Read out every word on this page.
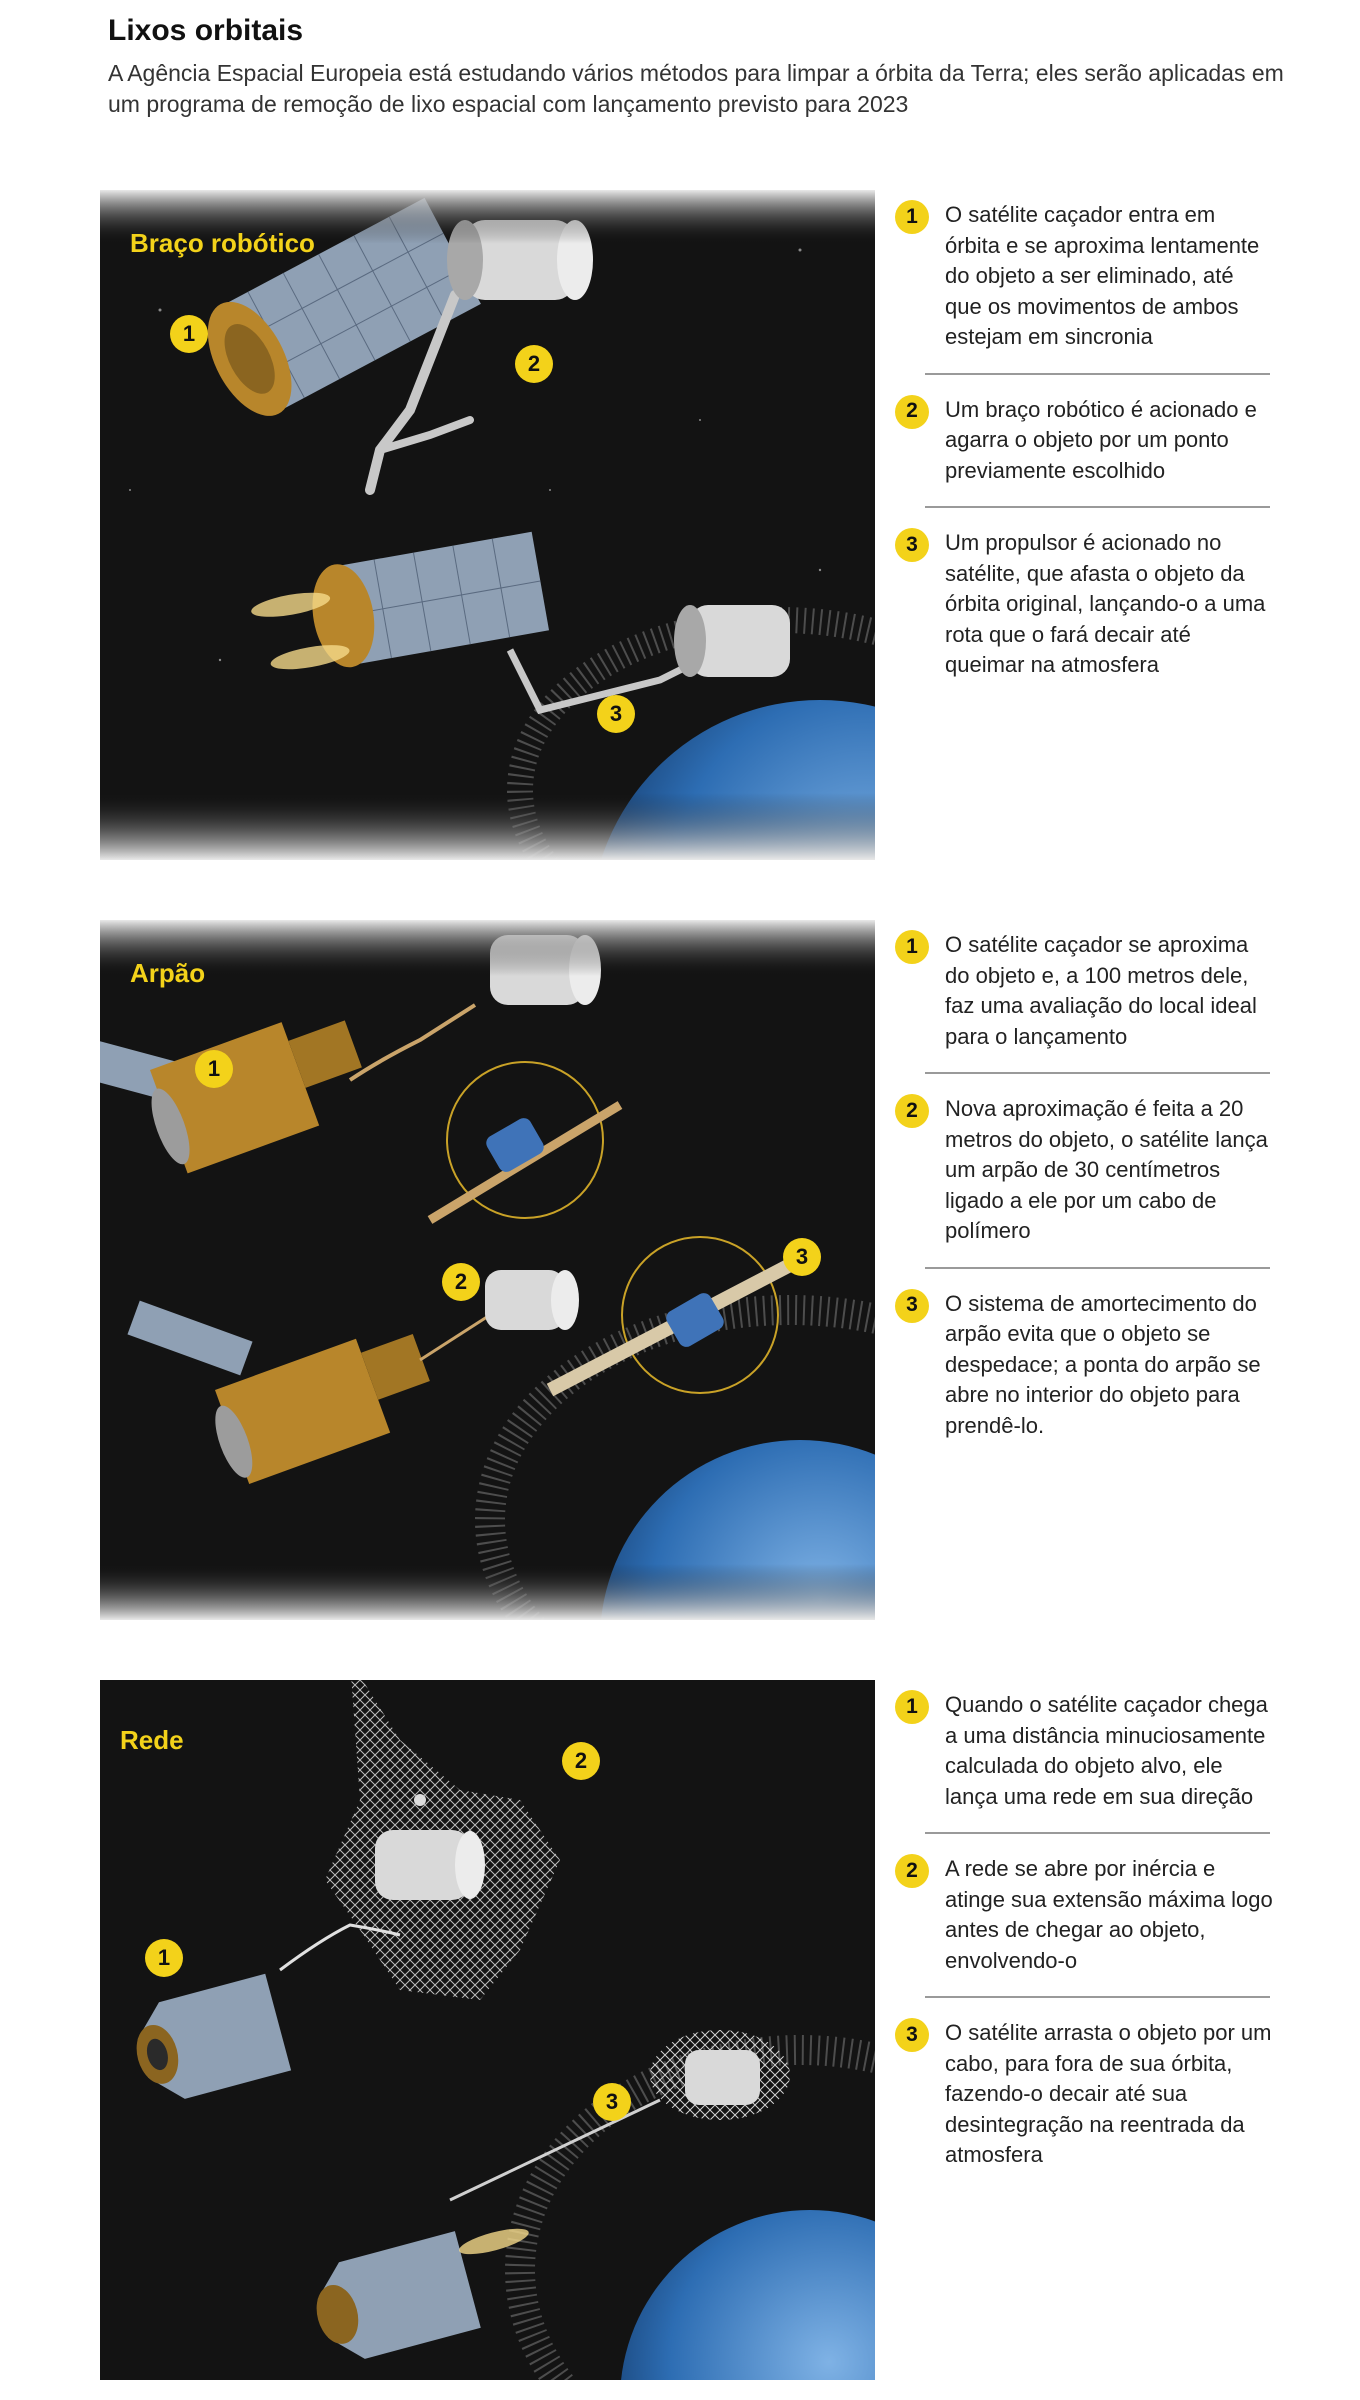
Lixos orbitais
A Agência Espacial Europeia está estudando vários métodos para limpar a órbita da Terra; eles serão aplicadas em um programa de remoção de lixo espacial com lançamento previsto para 2023
Braço robótico
1
2
3
1	O satélite caçador entra em órbita e se aproxima lentamente do objeto a ser eliminado, até que os movimentos de ambos estejam em sincronia
2	Um braço robótico é acionado e agarra o objeto por um ponto previamente escolhido
3	Um propulsor é acionado no satélite, que afasta o objeto da órbita original, lançando-o a uma rota que o fará decair até queimar na atmosfera
Arpão
1
2
3
1	O satélite caçador se aproxima do objeto e, a 100 metros dele, faz uma avaliação do local ideal para o lançamento
2	Nova aproximação é feita a 20 metros do objeto, o satélite lança um arpão de 30 centímetros ligado a ele por um cabo de polímero
3	O sistema de amortecimento do arpão evita que o objeto se despedace; a ponta do arpão se abre no interior do objeto para prendê-lo.
Rede
1
2
3
1	Quando o satélite caçador chega a uma distância minuciosamente calculada do objeto alvo, ele lança uma rede em sua direção
2	A rede se abre por inércia e atinge sua extensão máxima logo antes de chegar ao objeto, envolvendo-o
3	O satélite arrasta o objeto por um cabo, para fora de sua órbita, fazendo-o decair até sua desintegração na reentrada da atmosfera
